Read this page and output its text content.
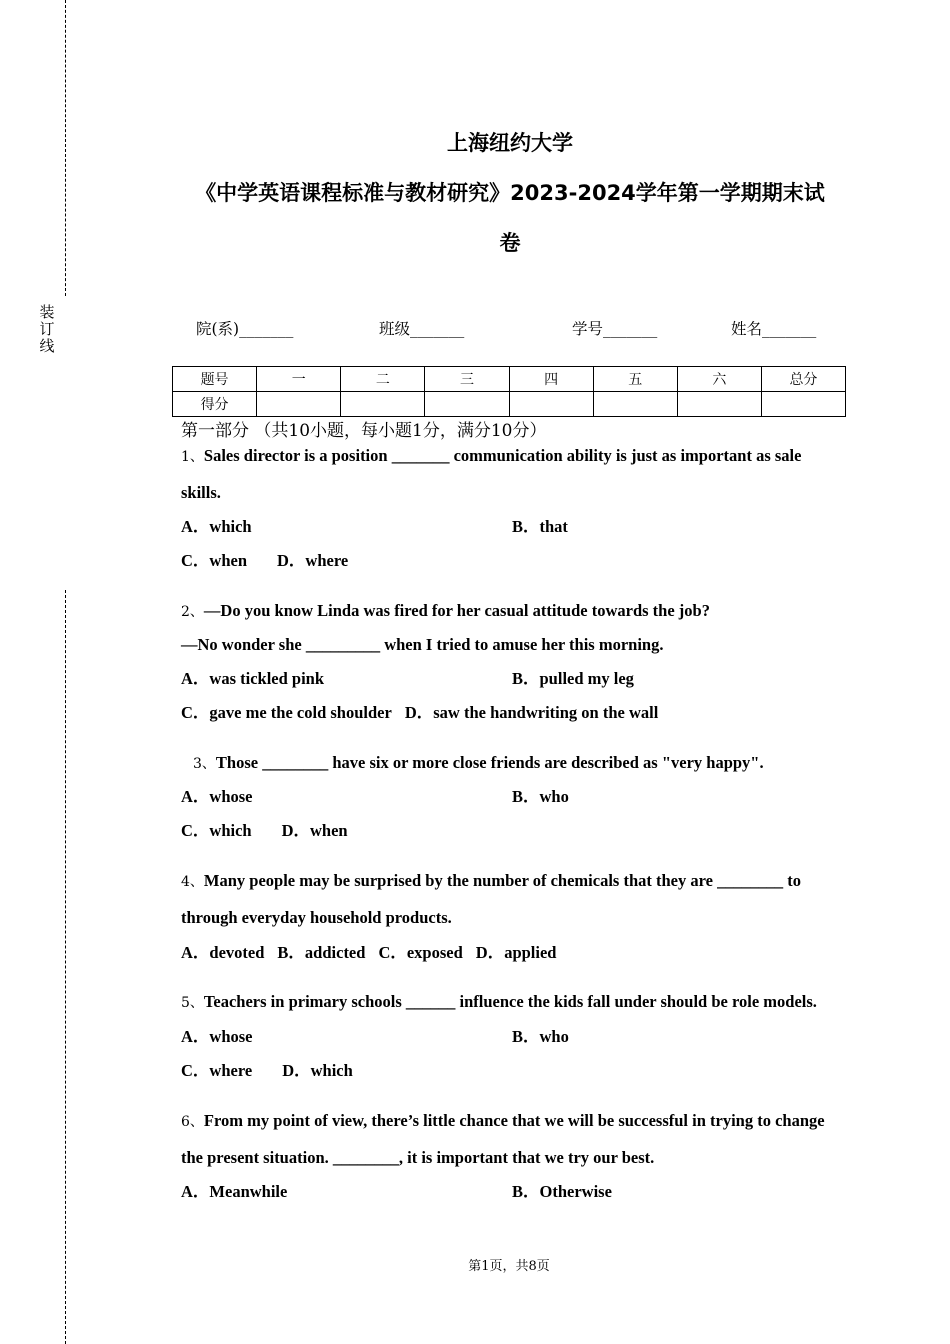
装订线
上海纽约大学
《中学英语课程标准与教材研究》2023-2024学年第一学期期末试
卷
院(系)_______	班级_______	学号_______	姓名_______
题号	一	二	三	四	五	六	总分
得分							
第一部分 （共10小题，每小题1分，满分10分）
1、Sales director is a position _______ communication ability is just as important as sale
skills.
A．which	B．that
C．when D．where
2、—Do you know Linda was fired for her casual attitude towards the job?
—No wonder she _________ when I tried to amuse her this morning.
A．was tickled pink	B．pulled my leg
C．gave me the cold shoulder D．saw the handwriting on the wall
3、Those ________ have six or more close friends are described as "very happy".
A．whose	B．who
C．which D．when
4、Many people may be surprised by the number of chemicals that they are ________ to
through everyday household products.
A．devoted B．addicted C．exposed D．applied
5、Teachers in primary schools ______ influence the kids fall under should be role models.
A．whose	B．who
C．where D．which
6、From my point of view, there’s little chance that we will be successful in trying to change
the present situation. ________, it is important that we try our best.
A．Meanwhile	B．Otherwise
第1页，共8页
